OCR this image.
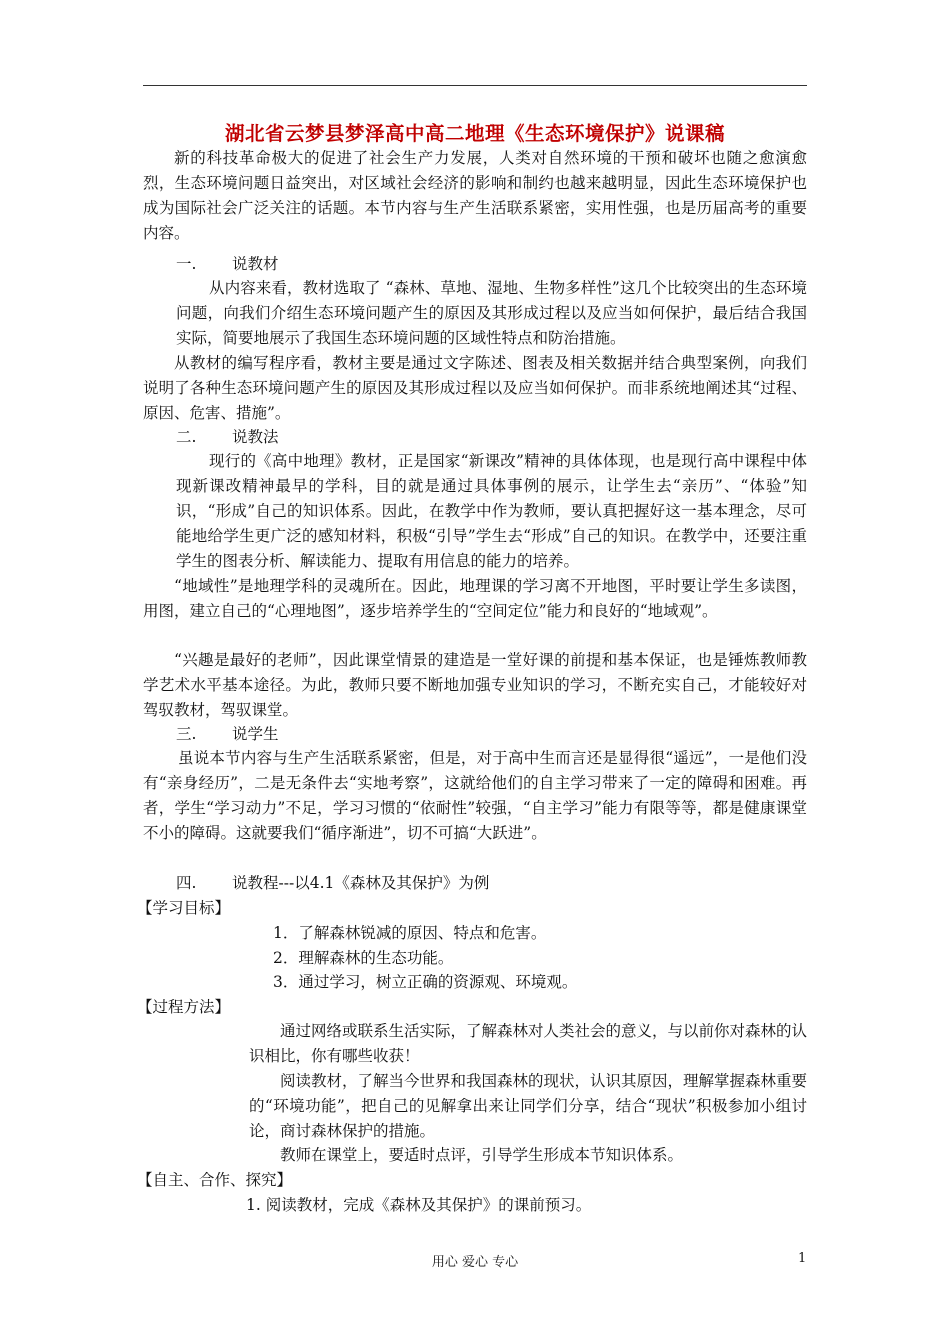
湖北省云梦县梦泽高中高二地理《生态环境保护》说课稿
新的科技革命极大的促进了社会生产力发展，人类对自然环境的干预和破坏也随之愈演愈烈，生态环境问题日益突出，对区域社会经济的影响和制约也越来越明显，因此生态环境保护也成为国际社会广泛关注的话题。本节内容与生产生活联系紧密，实用性强，也是历届高考的重要内容。
一. 说教材
从内容来看，教材选取了 “森林、草地、湿地、生物多样性”这几个比较突出的生态环境问题，向我们介绍生态环境问题产生的原因及其形成过程以及应当如何保护，最后结合我国实际，简要地展示了我国生态环境问题的区域性特点和防治措施。
从教材的编写程序看，教材主要是通过文字陈述、图表及相关数据并结合典型案例，向我们说明了各种生态环境问题产生的原因及其形成过程以及应当如何保护。而非系统地阐述其“过程、原因、危害、措施”。
二. 说教法
现行的《高中地理》教材，正是国家“新课改”精神的具体体现，也是现行高中课程中体现新课改精神最早的学科，目的就是通过具体事例的展示，让学生去“亲历”、“体验”知识，“形成”自己的知识体系。因此，在教学中作为教师，要认真把握好这一基本理念，尽可能地给学生更广泛的感知材料，积极“引导”学生去“形成”自己的知识。在教学中，还要注重学生的图表分析、解读能力、提取有用信息的能力的培养。
“地域性”是地理学科的灵魂所在。因此，地理课的学习离不开地图，平时要让学生多读图，用图，建立自己的“心理地图”，逐步培养学生的“空间定位”能力和良好的“地域观”。
“兴趣是最好的老师”，因此课堂情景的建造是一堂好课的前提和基本保证，也是锤炼教师教学艺术水平基本途径。为此，教师只要不断地加强专业知识的学习，不断充实自己，才能较好对驾驭教材，驾驭课堂。
三. 说学生
虽说本节内容与生产生活联系紧密，但是，对于高中生而言还是显得很“遥远”，一是他们没有“亲身经历”，二是无条件去“实地考察”，这就给他们的自主学习带来了一定的障碍和困难。再者，学生“学习动力”不足，学习习惯的“依耐性”较强，“自主学习”能力有限等等，都是健康课堂不小的障碍。这就要我们“循序渐进”，切不可搞“大跃进”。
四. 说教程---以4.1《森林及其保护》为例
【学习目标】
1．了解森林锐减的原因、特点和危害。
2．理解森林的生态功能。
3．通过学习，树立正确的资源观、环境观。
【过程方法】
通过网络或联系生活实际，了解森林对人类社会的意义，与以前你对森林的认识相比，你有哪些收获！
阅读教材，了解当今世界和我国森林的现状，认识其原因，理解掌握森林重要的“环境功能”，把自己的见解拿出来让同学们分享，结合“现状”积极参加小组讨论，商讨森林保护的措施。
教师在课堂上，要适时点评，引导学生形成本节知识体系。
【自主、合作、探究】
1. 阅读教材，完成《森林及其保护》的课前预习。
用心 爱心 专心	1
